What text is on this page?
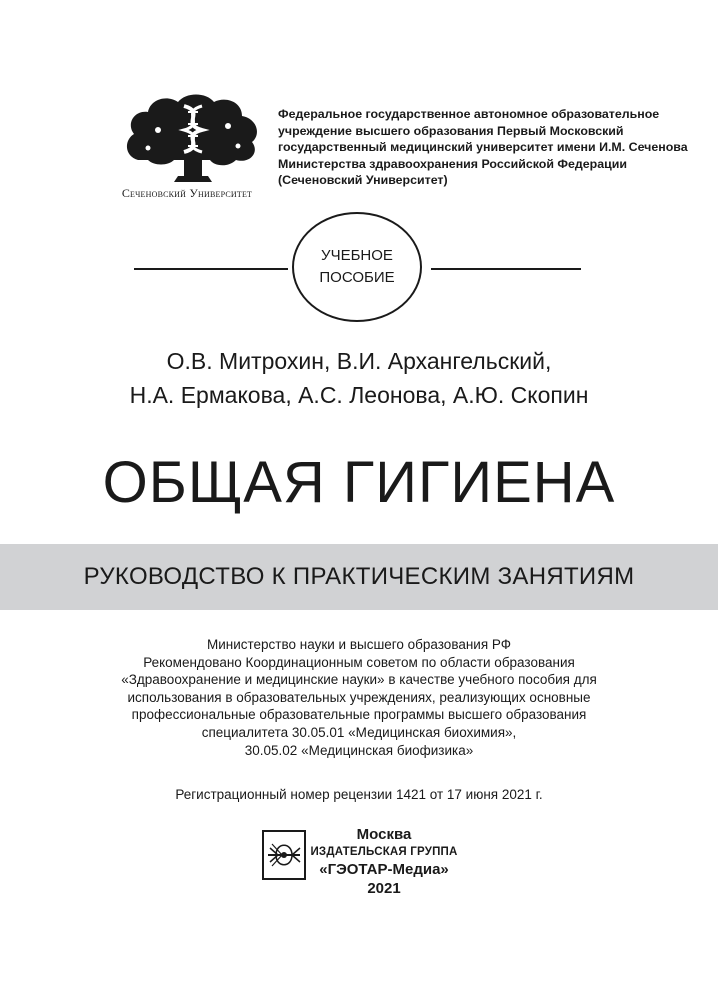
Сеченовский Университет
Федеральное государственное автономное образовательное
учреждение высшего образования Первый Московский
государственный медицинский университет имени И.М. Сеченова
Министерства здравоохранения Российской Федерации
(Сеченовский Университет)
УЧЕБНОЕ
ПОСОБИЕ
О.В. Митрохин, В.И. Архангельский,
Н.А. Ермакова, А.С. Леонова, А.Ю. Скопин
ОБЩАЯ ГИГИЕНА
РУКОВОДСТВО К ПРАКТИЧЕСКИМ ЗАНЯТИЯМ
Министерство науки и высшего образования РФ
Рекомендовано Координационным советом по области образования
«Здравоохранение и медицинские науки» в качестве учебного пособия для
использования в образовательных учреждениях, реализующих основные
профессиональные образовательные программы высшего образования
специалитета 30.05.01 «Медицинская биохимия»,
30.05.02 «Медицинская биофизика»
Регистрационный номер рецензии 1421 от 17 июня 2021 г.
Москва
ИЗДАТЕЛЬСКАЯ ГРУППА
«ГЭОТАР-Медиа»
2021
